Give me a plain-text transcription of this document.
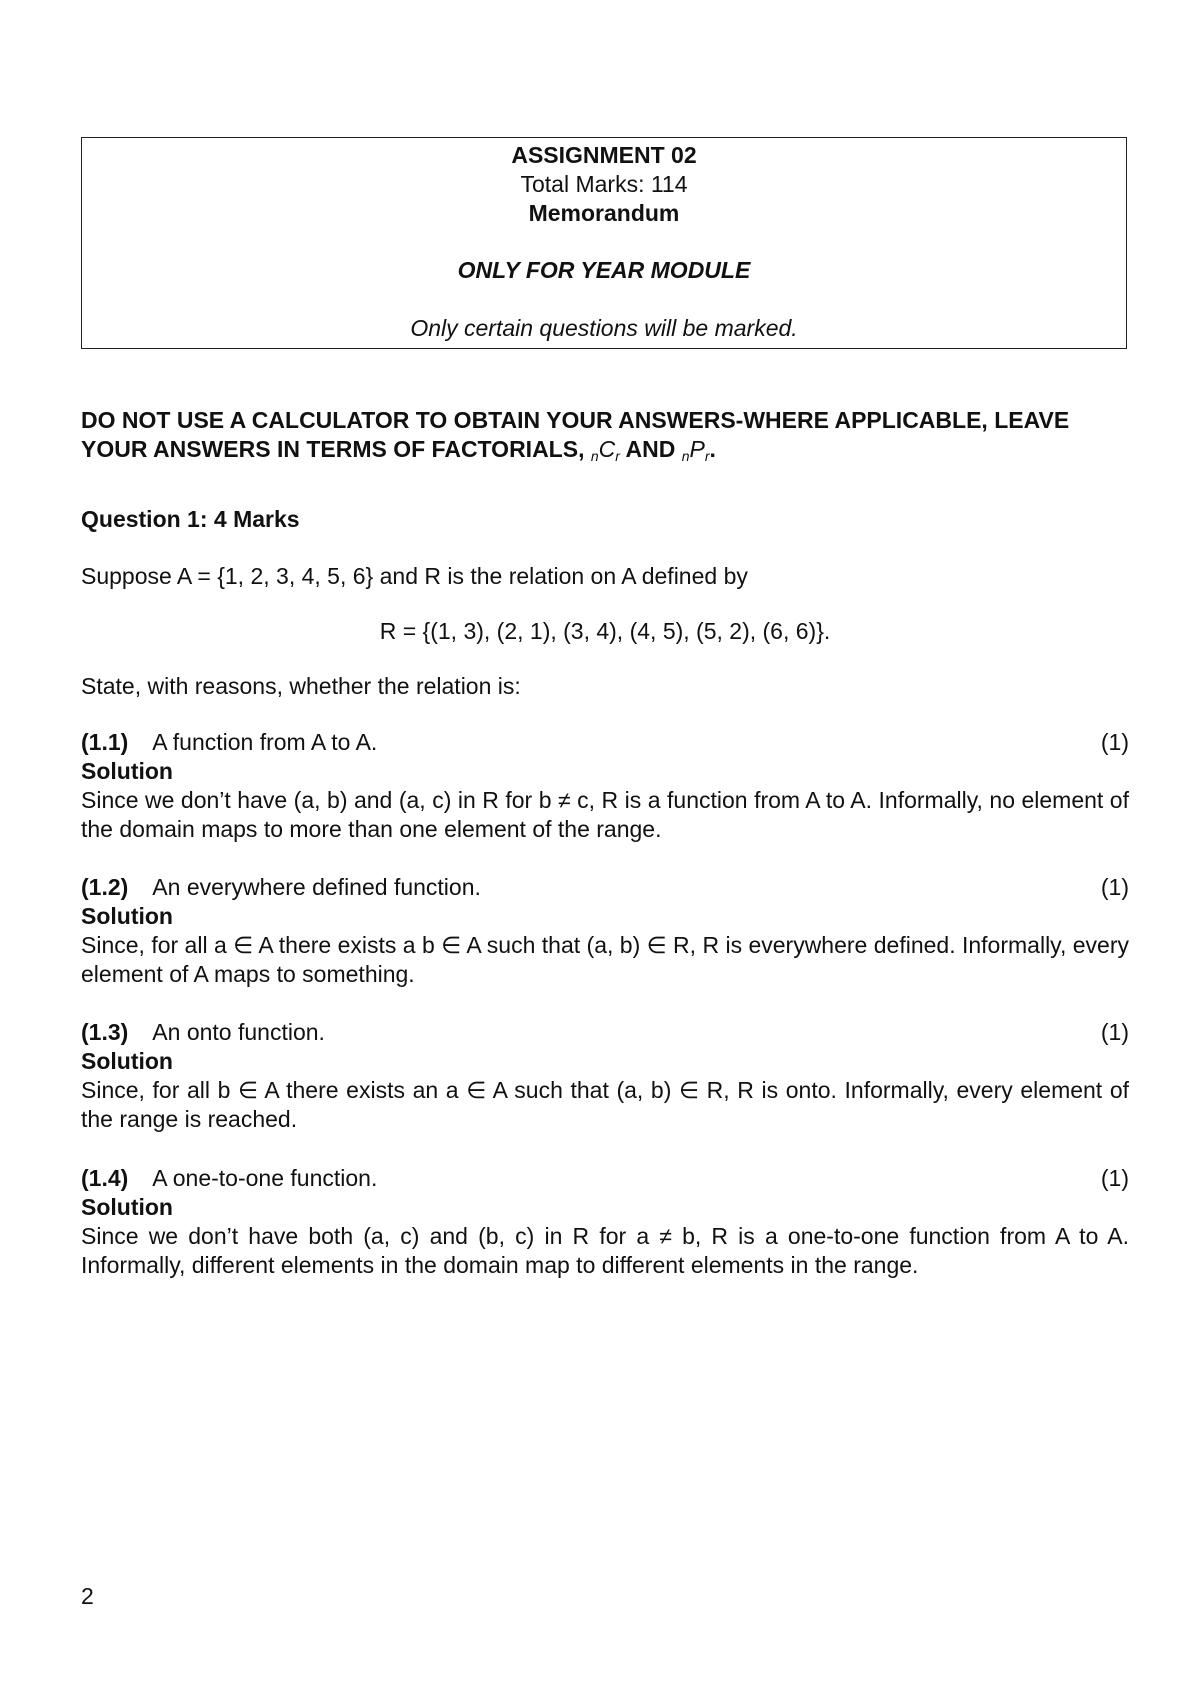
ASSIGNMENT 02
Total Marks: 114
Memorandum
ONLY FOR YEAR MODULE
Only certain questions will be marked.
DO NOT USE A CALCULATOR TO OBTAIN YOUR ANSWERS-WHERE APPLICABLE, LEAVE
YOUR ANSWERS IN TERMS OF FACTORIALS, $_nC_r$ AND $_nP_r$.
Question 1: 4 Marks
Suppose A = {1, 2, 3, 4, 5, 6} and R is the relation on A defined by
R = {(1, 3), (2, 1), (3, 4), (4, 5), (5, 2), (6, 6)}.
State, with reasons, whether the relation is:
(1.1) A function from A to A.	(1)
Solution
Since we don’t have (a, b) and (a, c) in R for b ≠ c, R is a function from A to A. Informally, no element of the domain maps to more than one element of the range.
(1.2) An everywhere defined function.	(1)
Solution
Since, for all a ∈ A there exists a b ∈ A such that (a, b) ∈ R, R is everywhere defined. Informally, every element of A maps to something.
(1.3) An onto function.	(1)
Solution
Since, for all b ∈ A there exists an a ∈ A such that (a, b) ∈ R, R is onto. Informally, every element of the range is reached.
(1.4) A one-to-one function.	(1)
Solution
Since we don’t have both (a, c) and (b, c) in R for a ≠ b, R is a one-to-one function from A to A. Informally, different elements in the domain map to different elements in the range.
2
